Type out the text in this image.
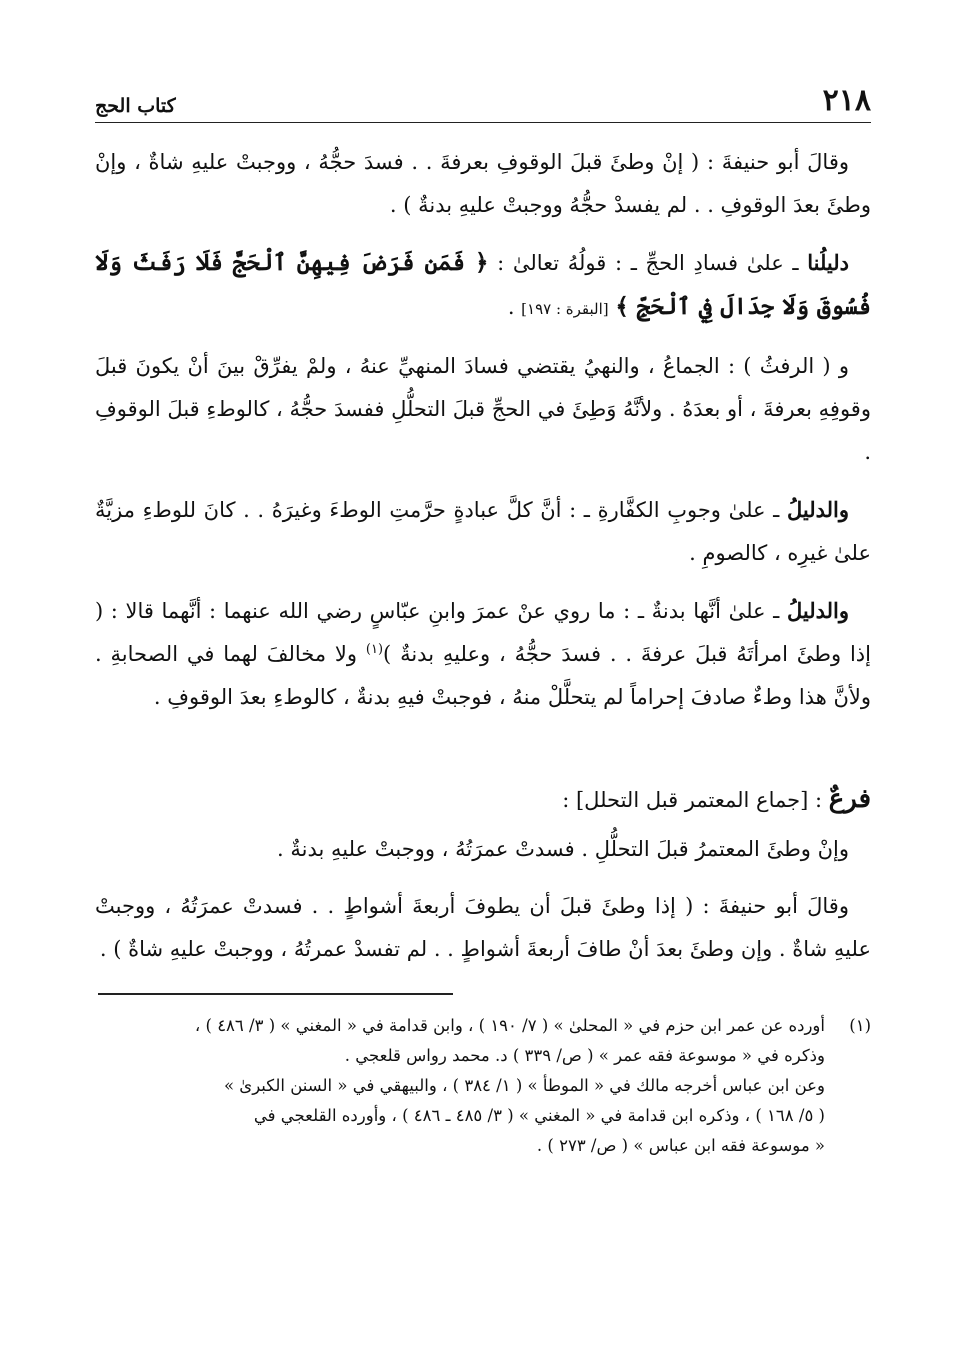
٢١٨
كتاب الحج

وقالَ أبو حنيفةَ : ( إنْ وطئَ قبلَ الوقوفِ بعرفةَ . . فسدَ حجُّهُ ، ووجبتْ عليهِ شاةٌ ، وإنْ وطئَ بعدَ الوقوفِ . . لم يفسدْ حجُّهُ ووجبتْ عليهِ بدنةٌ ) .

دليلُنا ـ علىٰ فسادِ الحجِّ ـ : قولُهُ تعالىٰ : ﴿ فَمَن فَرَضَ فِيهِنَّ ٱلْحَجَّ فَلَا رَفَثَ وَلَا فُسُوقَ وَلَا جِدَالَ فِي ٱلْحَجِّ ﴾ [البقرة : ١٩٧] .

و ( الرفثُ ) : الجماعُ ، والنهيُ يقتضي فسادَ المنهيِّ عنهُ ، ولمْ يفرِّقْ بينَ أنْ يكونَ قبلَ وقوفِهِ بعرفةَ ، أو بعدَهُ . ولأنَّهُ وَطِئَ في الحجِّ قبلَ التحلُّلِ ففسدَ حجُّهُ ، كالوطءِ قبلَ الوقوفِ .

والدليلُ ـ علىٰ وجوبِ الكفَّارةِ ـ : أنَّ كلَّ عبادةٍ حرَّمتِ الوطءَ وغيرَهُ . . كانَ للوطءِ مزيَّةٌ علىٰ غيرِه ، كالصومِ .

والدليلُ ـ علىٰ أنَّها بدنةٌ ـ : ما روي عنْ عمرَ وابنِ عبّاسٍ رضي الله عنهما : أنَّهما قالا : ( إذا وطئَ امرأتَهُ قبلَ عرفةَ . . فسدَ حجُّهُ ، وعليهِ بدنةٌ )$^{(١)}$ ولا مخالفَ لهما في الصحابةِ . ولأنَّ هذا وطءٌ صادفَ إحراماً لم يتحلَّلْ منهُ ، فوجبتْ فيهِ بدنةٌ ، كالوطءِ بعدَ الوقوفِ .

فرعٌ : [جماع المعتمر قبل التحلل] :

وإنْ وطئَ المعتمرُ قبلَ التحلُّلِ . فسدتْ عمرَتُهُ ، ووجبتْ عليهِ بدنةٌ .

وقالَ أبو حنيفةَ : ( إذا وطئَ قبلَ أن يطوفَ أربعةَ أشواطٍ . . فسدتْ عمرَتُهُ ، ووجبتْ عليهِ شاةٌ . وإن وطئَ بعدَ أنْ طافَ أربعةَ أشواطٍ . . لم تفسدْ عمرتُهُ ، ووجبتْ عليهِ شاةٌ ) .

(١)
أورده عن عمر ابن حزم في « المحلىٰ » ( ٧/ ١٩٠ ) ، وابن قدامة في « المغني » ( ٣/ ٤٨٦ ) ،
وذكره في « موسوعة فقه عمر » ( ص/ ٣٣٩ ) د. محمد رواس قلعجي .
وعن ابن عباس أخرجه مالك في « الموطأ » ( ١/ ٣٨٤ ) ، والبيهقي في « السنن الكبرىٰ »
( ٥/ ١٦٨ ) ، وذكره ابن قدامة في « المغني » ( ٣/ ٤٨٥ ـ ٤٨٦ ) ، وأورده القلعجي في
« موسوعة فقه ابن عباس » ( ص/ ٢٧٣ ) .
